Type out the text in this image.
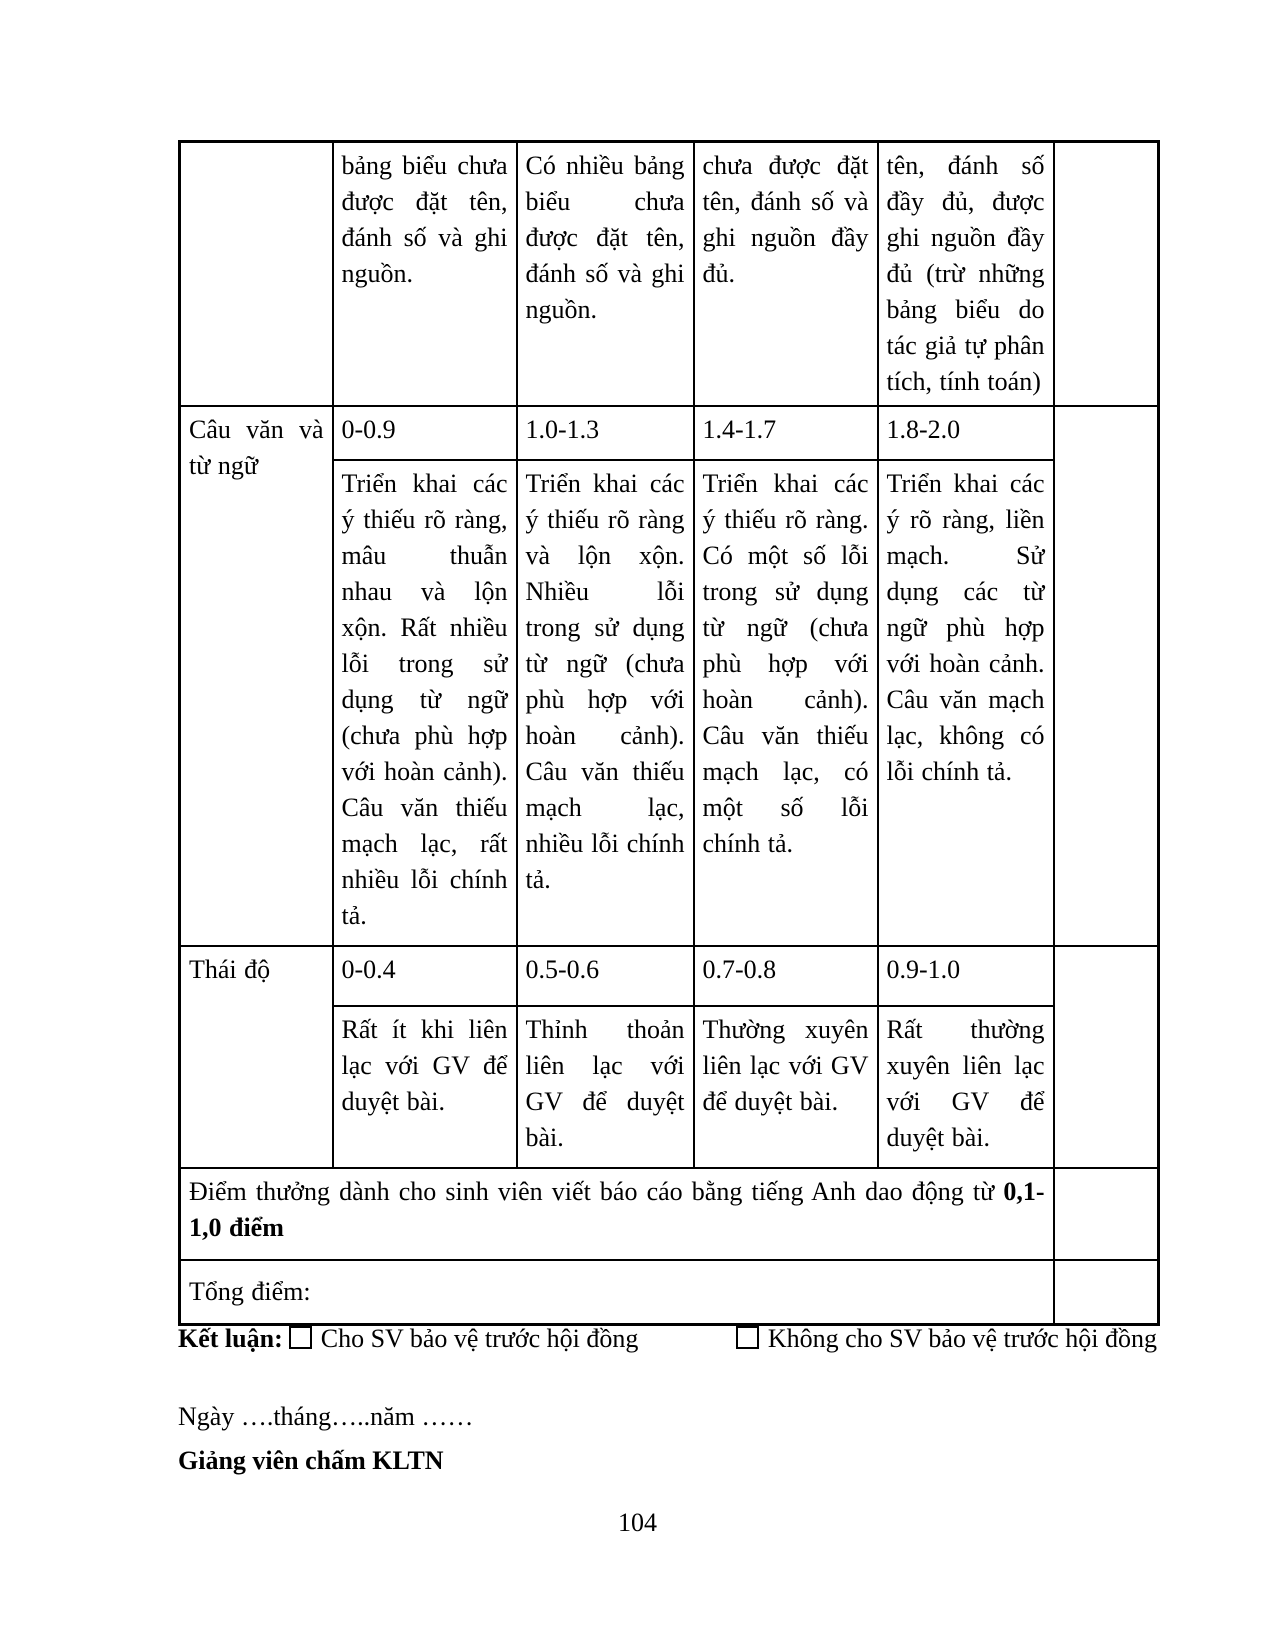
	bảng biểu chưa được đặt tên, đánh số và ghi nguồn.	Có nhiều bảng biểu chưa được đặt tên, đánh số và ghi nguồn.	chưa được đặt tên, đánh số và ghi nguồn đầy đủ.	tên, đánh số đầy đủ, được ghi nguồn đầy đủ (trừ những bảng biểu do tác giả tự phân tích, tính toán)	
Câu văn và từ ngữ	0-0.9	1.0-1.3	1.4-1.7	1.8-2.0	
	Triển khai các ý thiếu rõ ràng, mâu thuẫn nhau và lộn xộn. Rất nhiều lỗi trong sử dụng từ ngữ (chưa phù hợp với hoàn cảnh). Câu văn thiếu mạch lạc, rất nhiều lỗi chính tả.	Triển khai các ý thiếu rõ ràng và lộn xộn. Nhiều lỗi trong sử dụng từ ngữ (chưa phù hợp với hoàn cảnh). Câu văn thiếu mạch lạc, nhiều lỗi chính tả.	Triển khai các ý thiếu rõ ràng. Có một số lỗi trong sử dụng từ ngữ (chưa phù hợp với hoàn cảnh). Câu văn thiếu mạch lạc, có một số lỗi chính tả.	Triển khai các ý rõ ràng, liền mạch. Sử dụng các từ ngữ phù hợp với hoàn cảnh. Câu văn mạch lạc, không có lỗi chính tả.	
Thái độ	0-0.4	0.5-0.6	0.7-0.8	0.9-1.0	
	Rất ít khi liên lạc với GV để duyệt bài.	Thỉnh thoản liên lạc với GV để duyệt bài.	Thường xuyên liên lạc với GV để duyệt bài.	Rất thường xuyên liên lạc với GV để duyệt bài.	
Điểm thưởng dành cho sinh viên viết báo cáo bằng tiếng Anh dao động từ 0,1-1,0 điểm					
Tổng điểm:					
Kết luận: Cho SV bảo vệ trước hội đồng	Không cho SV bảo vệ trước hội đồng
Ngày ….tháng…..năm ……
Giảng viên chấm KLTN
104
